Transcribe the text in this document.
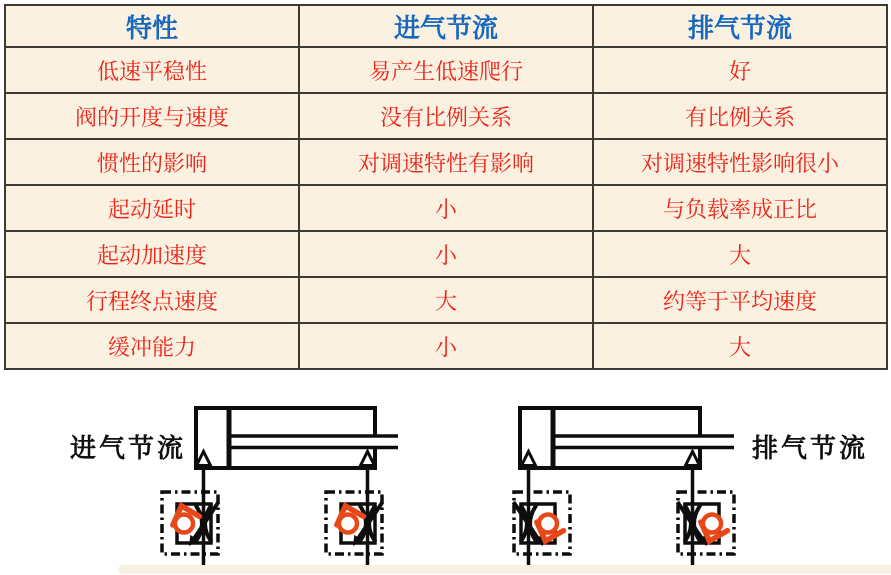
特性	进气节流	排气节流
低速平稳性	易产生低速爬行	好
阀的开度与速度	没有比例关系	有比例关系
惯性的影响	对调速特性有影响	对调速特性影响很小
起动延时	小	与负载率成正比
起动加速度	小	大
行程终点速度	大	约等于平均速度
缓冲能力	小	大
进气节流	排气节流
